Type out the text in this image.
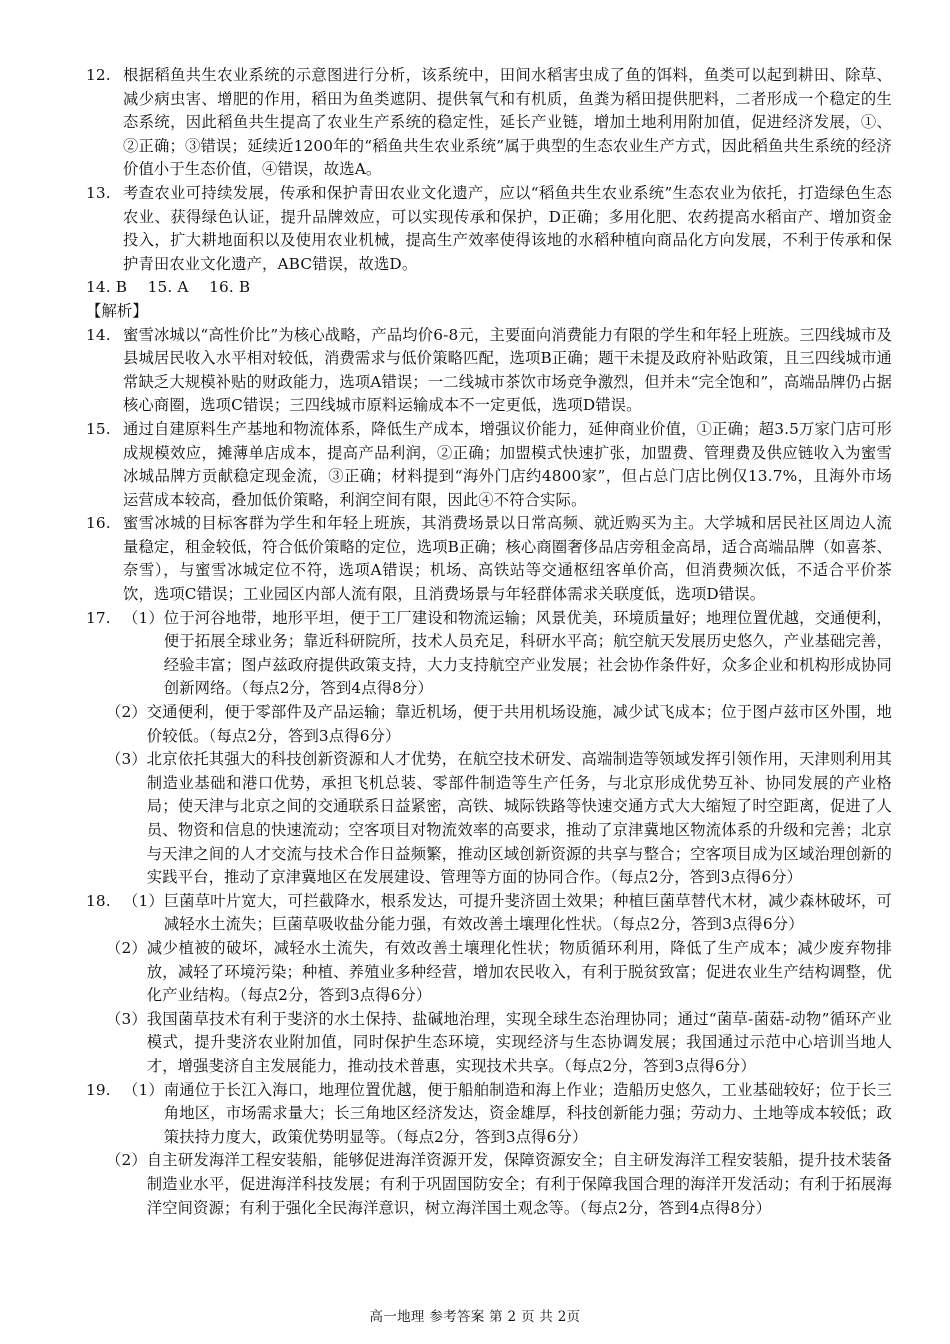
12. 根据稻鱼共生农业系统的示意图进行分析，该系统中，田间水稻害虫成了鱼的饵料，鱼类可以起到耕田、除草、减少病虫害、增肥的作用，稻田为鱼类遮阴、提供氧气和有机质，鱼粪为稻田提供肥料，二者形成一个稳定的生态系统，因此稻鱼共生提高了农业生产系统的稳定性，延长产业链，增加土地利用附加值，促进经济发展，①、②正确；③错误；延续近1200年的“稻鱼共生农业系统”属于典型的生态农业生产方式，因此稻鱼共生系统的经济价值小于生态价值，④错误，故选A。
13. 考查农业可持续发展，传承和保护青田农业文化遗产，应以“稻鱼共生农业系统”生态农业为依托，打造绿色生态农业、获得绿色认证，提升品牌效应，可以实现传承和保护，D正确；多用化肥、农药提高水稻亩产、增加资金投入，扩大耕地面积以及使用农业机械，提高生产效率使得该地的水稻种植向商品化方向发展，不利于传承和保护青田农业文化遗产，ABC错误，故选D。
14. B　 15. A　 16. B
【解析】
14. 蜜雪冰城以“高性价比”为核心战略，产品均价6-8元，主要面向消费能力有限的学生和年轻上班族。三四线城市及县城居民收入水平相对较低，消费需求与低价策略匹配，选项B正确；题干未提及政府补贴政策，且三四线城市通常缺乏大规模补贴的财政能力，选项A错误；一二线城市茶饮市场竞争激烈，但并未“完全饱和”，高端品牌仍占据核心商圈，选项C错误；三四线城市原料运输成本不一定更低，选项D错误。
15. 通过自建原料生产基地和物流体系，降低生产成本，增强议价能力，延伸商业价值，①正确；超3.5万家门店可形成规模效应，摊薄单店成本，提高产品利润，②正确；加盟模式快速扩张，加盟费、管理费及供应链收入为蜜雪冰城品牌方贡献稳定现金流，③正确；材料提到“海外门店约4800家”，但占总门店比例仅13.7%，且海外市场运营成本较高，叠加低价策略，利润空间有限，因此④不符合实际。
16. 蜜雪冰城的目标客群为学生和年轻上班族，其消费场景以日常高频、就近购买为主。大学城和居民社区周边人流量稳定，租金较低，符合低价策略的定位，选项B正确；核心商圈奢侈品店旁租金高昂，适合高端品牌（如喜茶、奈雪），与蜜雪冰城定位不符，选项A错误；机场、高铁站等交通枢纽客单价高，但消费频次低，不适合平价茶饮，选项C错误；工业园区内部人流有限，且消费场景与年轻群体需求关联度低，选项D错误。
17. （1） 位于河谷地带，地形平坦，便于工厂建设和物流运输；风景优美，环境质量好；地理位置优越，交通便利，便于拓展全球业务；靠近科研院所，技术人员充足，科研水平高；航空航天发展历史悠久，产业基础完善，经验丰富；图卢兹政府提供政策支持，大力支持航空产业发展；社会协作条件好，众多企业和机构形成协同创新网络。（每点2分，答到4点得8分）
（2） 交通便利，便于零部件及产品运输；靠近机场，便于共用机场设施，减少试飞成本；位于图卢兹市区外围，地价较低。（每点2分，答到3点得6分）
（3） 北京依托其强大的科技创新资源和人才优势，在航空技术研发、高端制造等领域发挥引领作用，天津则利用其制造业基础和港口优势，承担飞机总装、零部件制造等生产任务，与北京形成优势互补、协同发展的产业格局；使天津与北京之间的交通联系日益紧密，高铁、城际铁路等快速交通方式大大缩短了时空距离，促进了人员、物资和信息的快速流动；空客项目对物流效率的高要求，推动了京津冀地区物流体系的升级和完善；北京与天津之间的人才交流与技术合作日益频繁，推动区域创新资源的共享与整合；空客项目成为区域治理创新的实践平台，推动了京津冀地区在发展建设、管理等方面的协同合作。（每点2分，答到3点得6分）
18. （1） 巨菌草叶片宽大，可拦截降水，根系发达，可提升斐济固土效果；种植巨菌草替代木材，减少森林破坏，可减轻水土流失；巨菌草吸收盐分能力强，有效改善土壤理化性状。（每点2分，答到3点得6分）
（2） 减少植被的破坏，减轻水土流失，有效改善土壤理化性状；物质循环利用，降低了生产成本；减少废弃物排放，减轻了环境污染；种植、养殖业多种经营，增加农民收入，有利于脱贫致富；促进农业生产结构调整，优化产业结构。（每点2分，答到3点得6分）
（3） 我国菌草技术有利于斐济的水土保持、盐碱地治理，实现全球生态治理协同；通过“菌草-菌菇-动物”循环产业模式，提升斐济农业附加值，同时保护生态环境，实现经济与生态协调发展；我国通过示范中心培训当地人才，增强斐济自主发展能力，推动技术普惠，实现技术共享。（每点2分，答到3点得6分）
19. （1） 南通位于长江入海口，地理位置优越，便于船舶制造和海上作业；造船历史悠久，工业基础较好；位于长三角地区，市场需求量大；长三角地区经济发达，资金雄厚，科技创新能力强；劳动力、土地等成本较低；政策扶持力度大，政策优势明显等。（每点2分，答到3点得6分）
（2） 自主研发海洋工程安装船，能够促进海洋资源开发，保障资源安全；自主研发海洋工程安装船，提升技术装备制造业水平，促进海洋科技发展；有利于巩固国防安全；有利于保障我国合理的海洋开发活动；有利于拓展海洋空间资源；有利于强化全民海洋意识，树立海洋国土观念等。（每点2分，答到4点得8分）
高一地理 参考答案 第 2 页 共 2页
